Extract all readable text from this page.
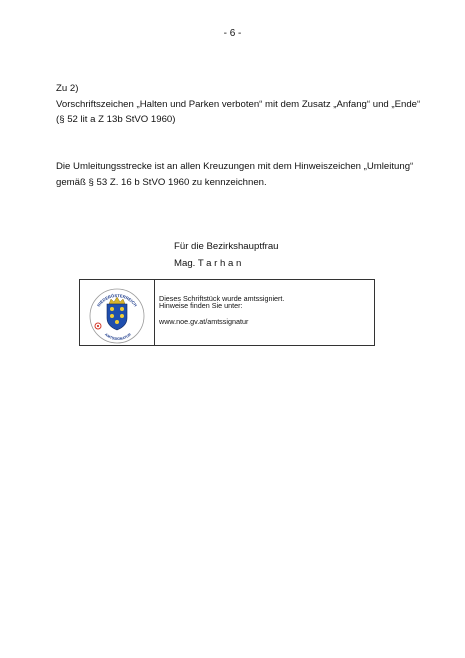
- 6 -
Zu 2)
Vorschriftszeichen „Halten und Parken verboten“ mit dem Zusatz „Anfang“ und „Ende“
(§ 52 lit a Z 13b StVO 1960)
Die Umleitungsstrecke ist an allen Kreuzungen mit dem Hinweiszeichen „Umleitung“
gemäß § 53 Z. 16 b StVO 1960 zu kennzeichnen.
Für die Bezirkshauptfrau
Mag. T a r h a n
NIEDERÖSTERREICH
AMTSSIGNATUR
Dieses Schriftstück wurde amtssigniert.
Hinweise finden Sie unter:
www.noe.gv.at/amtssignatur
